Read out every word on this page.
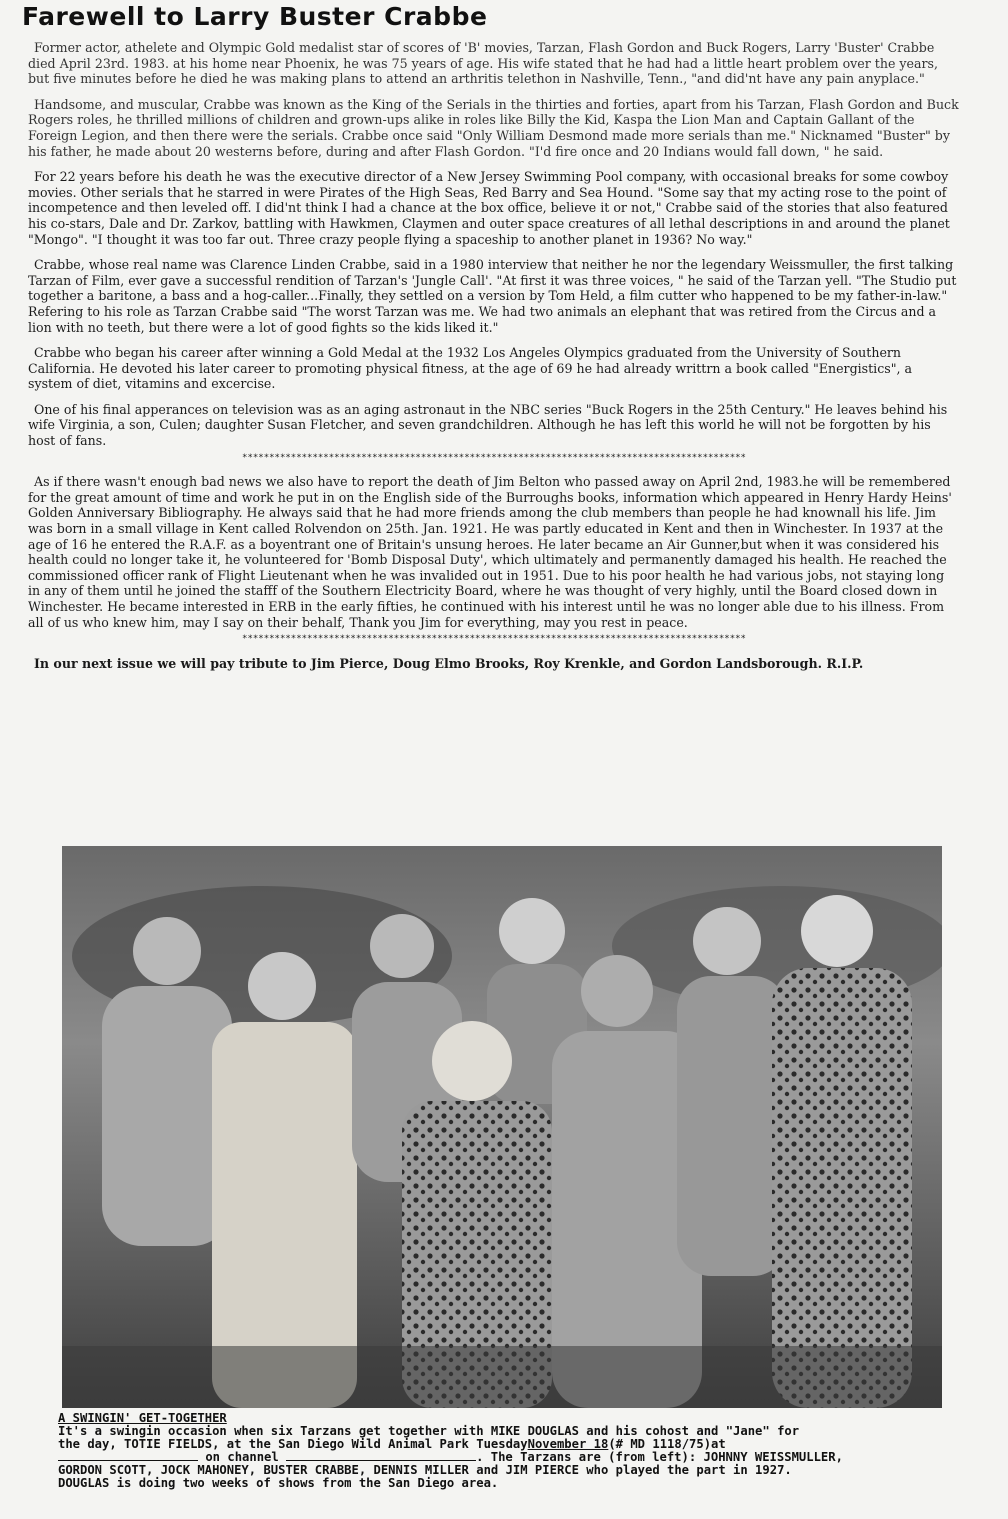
Farewell to Larry Buster Crabbe

Former actor, athelete and Olympic Gold medalist star of scores of 'B' movies, Tarzan, Flash Gordon and Buck Rogers, Larry 'Buster' Crabbe died April 23rd. 1983. at his home near Phoenix, he was 75 years of age. His wife stated that he had had a little heart problem over the years, but five minutes before he died he was making plans to attend an arthritis telethon in Nashville, Tenn., "and did'nt have any pain anyplace."

Handsome, and muscular, Crabbe was known as the King of the Serials in the thirties and forties, apart from his Tarzan, Flash Gordon and Buck Rogers roles, he thrilled millions of children and grown-ups alike in roles like Billy the Kid, Kaspa the Lion Man and Captain Gallant of the Foreign Legion, and then there were the serials. Crabbe once said "Only William Desmond made more serials than me." Nicknamed "Buster" by his father, he made about 20 westerns before, during and after Flash Gordon. "I'd fire once and 20 Indians would fall down, " he said.

For 22 years before his death he was the executive director of a New Jersey Swimming Pool company, with occasional breaks for some cowboy movies. Other serials that he starred in were Pirates of the High Seas, Red Barry and Sea Hound. "Some say that my acting rose to the point of incompetence and then leveled off. I did'nt think I had a chance at the box office, believe it or not," Crabbe said of the stories that also featured his co-stars, Dale and Dr. Zarkov, battling with Hawkmen, Claymen and outer space creatures of all lethal descriptions in and around the planet "Mongo". "I thought it was too far out. Three crazy people flying a spaceship to another planet in 1936? No way."

Crabbe, whose real name was Clarence Linden Crabbe, said in a 1980 interview that neither he nor the legendary Weissmuller, the first talking Tarzan of Film, ever gave a successful rendition of Tarzan's 'Jungle Call'. "At first it was three voices, " he said of the Tarzan yell. "The Studio put together a baritone, a bass and a hog-caller...Finally, they settled on a version by Tom Held, a film cutter who happened to be my father-in-law." Refering to his role as Tarzan Crabbe said "The worst Tarzan was me. We had two animals an elephant that was retired from the Circus and a lion with no teeth, but there were a lot of good fights so the kids liked it."

Crabbe who began his career after winning a Gold Medal at the 1932 Los Angeles Olympics graduated from the University of Southern California. He devoted his later career to promoting physical fitness, at the age of 69 he had already writtrn a book called "Energistics", a system of diet, vitamins and excercise.

One of his final apperances on television was as an aging astronaut in the NBC series "Buck Rogers in the 25th Century." He leaves behind his wife Virginia, a son, Culen; daughter Susan Fletcher, and seven grandchildren. Although he has left this world he will not be forgotten by his host of fans.

*********************************************************************************************

As if there wasn't enough bad news we also have to report the death of Jim Belton who passed away on April 2nd, 1983.he will be remembered for the great amount of time and work he put in on the English side of the Burroughs books, information which appeared in Henry Hardy Heins' Golden Anniversary Bibliography. He always said that he had more friends among the club members than people he had knownall his life. Jim was born in a small village in Kent called Rolvendon on 25th. Jan. 1921. He was partly educated in Kent and then in Winchester. In 1937 at the age of 16 he entered the R.A.F. as a boyentrant one of Britain's unsung heroes. He later became an Air Gunner,but when it was considered his health could no longer take it, he volunteered for 'Bomb Disposal Duty', which ultimately and permanently damaged his health. He reached the commissioned officer rank of Flight Lieutenant when he was invalided out in 1951. Due to his poor health he had various jobs, not staying long in any of them until he joined the stafff of the Southern Electricity Board, where he was thought of very highly, until the Board closed down in Winchester. He became interested in ERB in the early fifties, he continued with his interest until he was no longer able due to his illness. From all of us who knew him, may I say on their behalf, Thank you Jim for everything, may you rest in peace.

*********************************************************************************************

In our next issue we will pay tribute to Jim Pierce, Doug Elmo Brooks, Roy Krenkle, and Gordon Landsborough. R.I.P.

A SWINGIN' GET-TOGETHER
It's a swingin occasion when six Tarzans get together with MIKE DOUGLAS and his cohost and "Jane" for
the day, TOTIE FIELDS, at the San Diego Wild Animal Park TuesdayNovember 18(# MD 1118/75)at
on channel	. The Tarzans are (from left): JOHNNY WEISSMULLER,
GORDON SCOTT, JOCK MAHONEY, BUSTER CRABBE, DENNIS MILLER and JIM PIERCE who played the part in 1927.
DOUGLAS is doing two weeks of shows from the San Diego area.
